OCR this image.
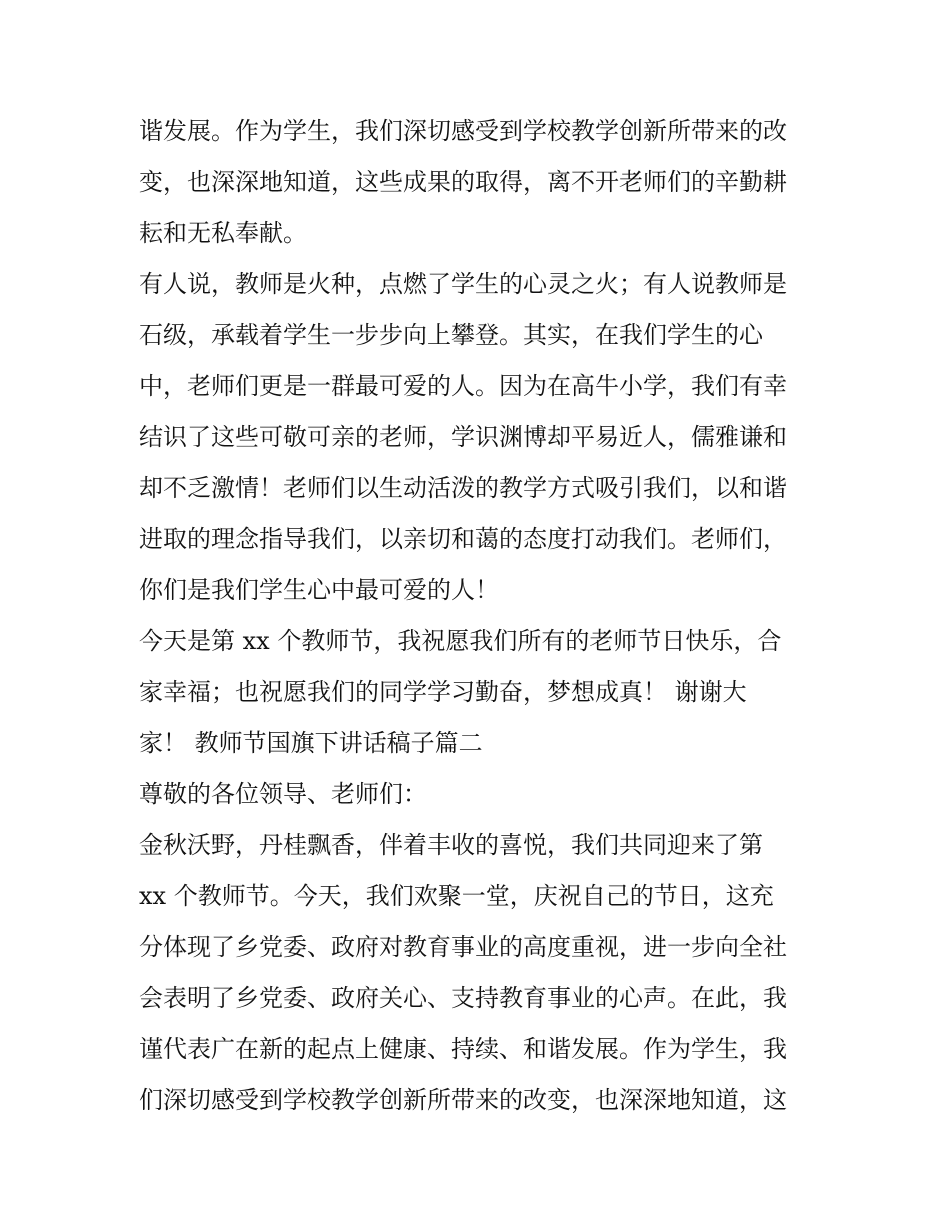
谐发展。作为学生，我们深切感受到学校教学创新所带来的改
变，也深深地知道，这些成果的取得，离不开老师们的辛勤耕
耘和无私奉献。
有人说，教师是火种，点燃了学生的心灵之火；有人说教师是
石级，承载着学生一步步向上攀登。其实，在我们学生的心
中，老师们更是一群最可爱的人。因为在高牛小学，我们有幸
结识了这些可敬可亲的老师，学识渊博却平易近人，儒雅谦和
却不乏激情！老师们以生动活泼的教学方式吸引我们，以和谐
进取的理念指导我们，以亲切和蔼的态度打动我们。老师们，
你们是我们学生心中最可爱的人！
今天是第 xx 个教师节，我祝愿我们所有的老师节日快乐，合
家幸福；也祝愿我们的同学学习勤奋，梦想成真！ 谢谢大
家！ 教师节国旗下讲话稿子篇二
尊敬的各位领导、老师们：
金秋沃野，丹桂飘香，伴着丰收的喜悦，我们共同迎来了第
xx 个教师节。今天，我们欢聚一堂，庆祝自己的节日，这充
分体现了乡党委、政府对教育事业的高度重视，进一步向全社
会表明了乡党委、政府关心、支持教育事业的心声。在此，我
谨代表广在新的起点上健康、持续、和谐发展。作为学生，我
们深切感受到学校教学创新所带来的改变，也深深地知道，这
